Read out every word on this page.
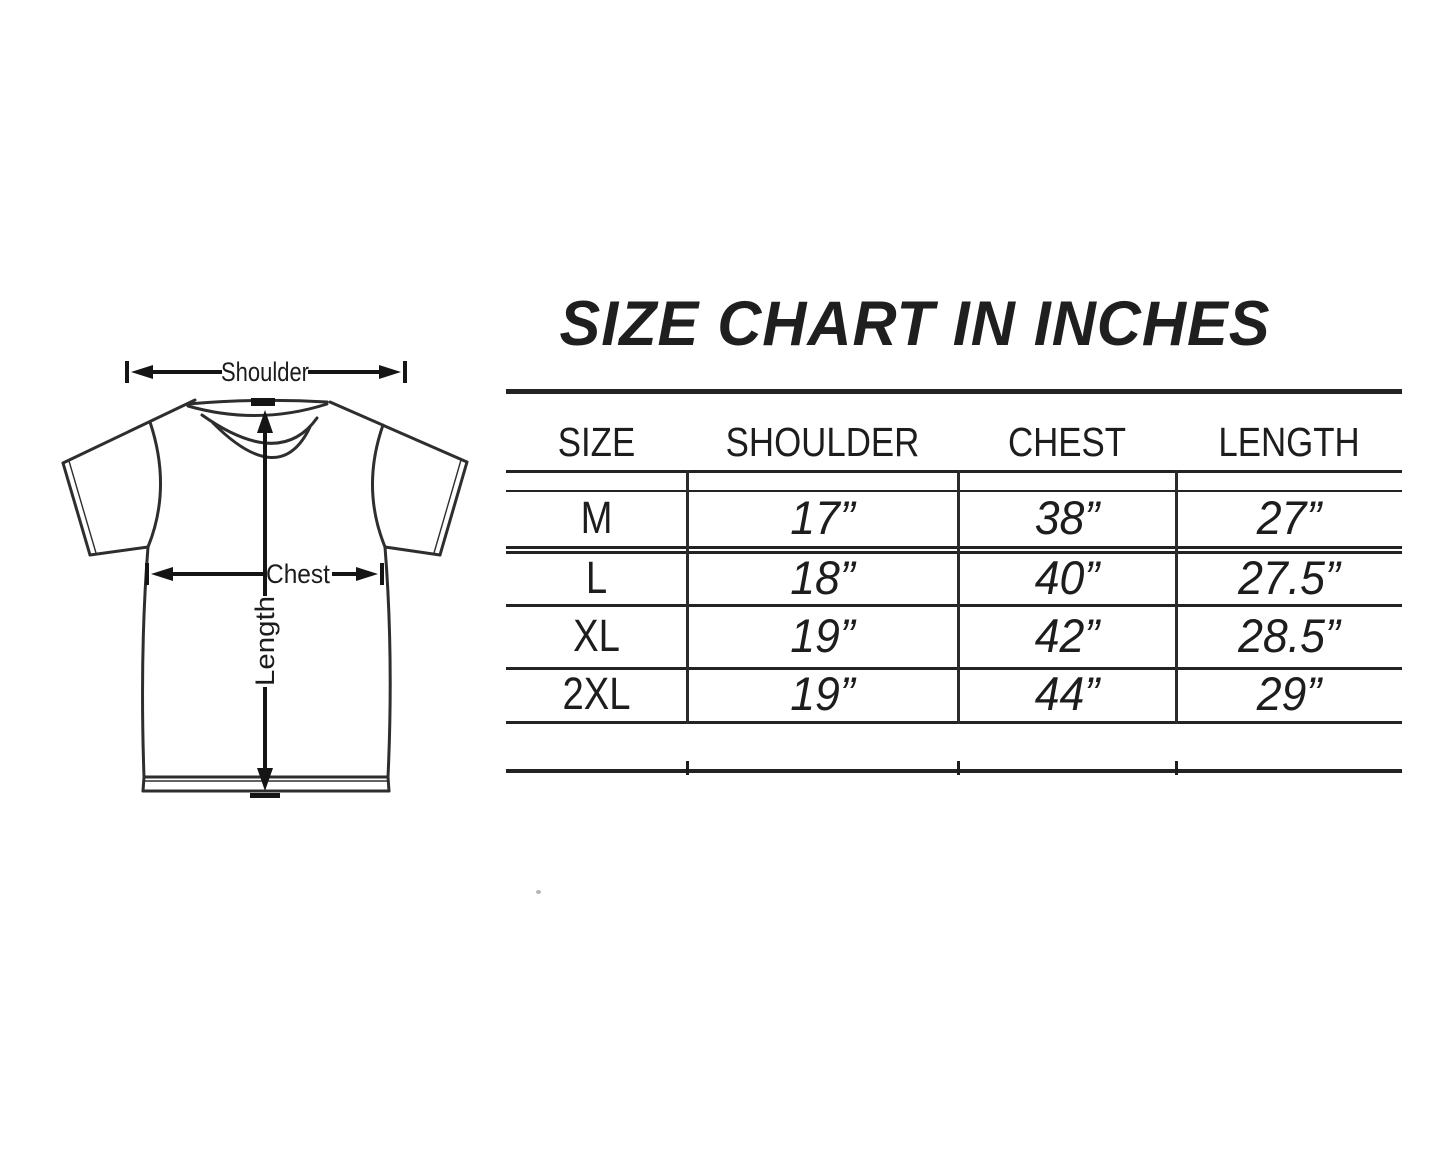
Shoulder
Length
Chest
SIZE CHART IN INCHES
SIZE	SHOULDER	CHEST	LENGTH
M	17”	38”	27”
L	18”	40”	27.5”
XL	19”	42”	28.5”
2XL	19”	44”	29”
